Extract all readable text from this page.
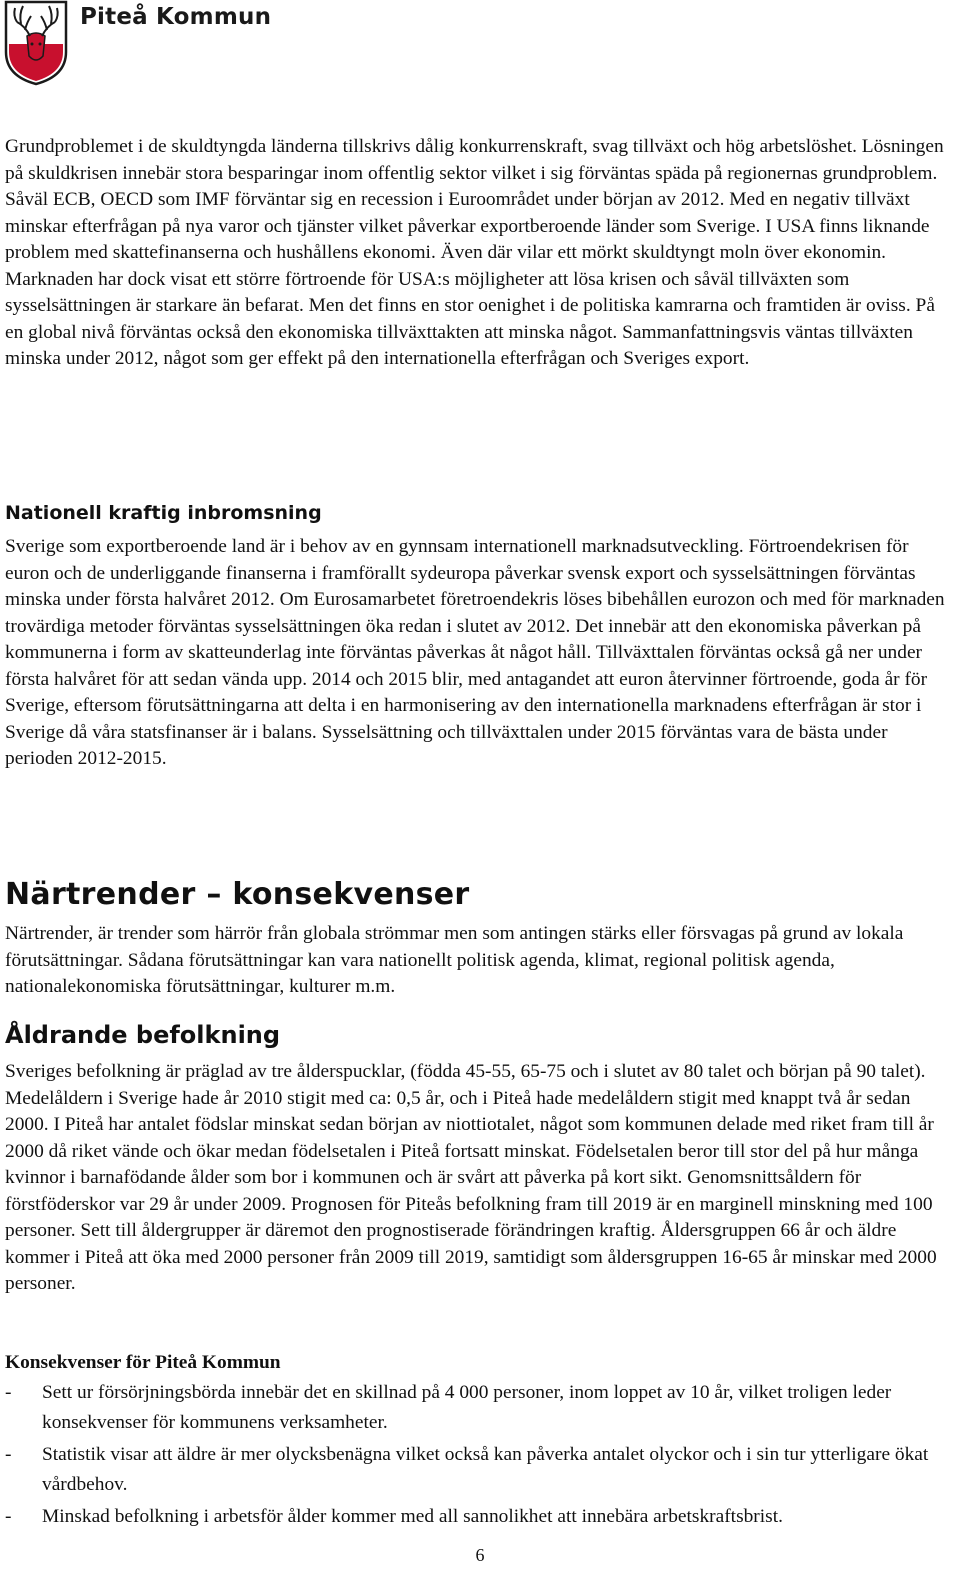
Piteå Kommun

Grundproblemet i de skuldtyngda länderna tillskrivs dålig konkurrenskraft, svag tillväxt och hög arbetslöshet. Lösningen på skuldkrisen innebär stora besparingar inom offentlig sektor vilket i sig förväntas späda på regionernas grundproblem. Såväl ECB, OECD som IMF förväntar sig en recession i Euroområdet under början av 2012. Med en negativ tillväxt minskar efterfrågan på nya varor och tjänster vilket påverkar exportberoende länder som Sverige. I USA finns liknande problem med skattefinanserna och hushållens ekonomi. Även där vilar ett mörkt skuldtyngt moln över ekonomin. Marknaden har dock visat ett större förtroende för USA:s möjligheter att lösa krisen och såväl tillväxten som sysselsättningen är starkare än befarat. Men det finns en stor oenighet i de politiska kamrarna och framtiden är oviss. På en global nivå förväntas också den ekonomiska tillväxttakten att minska något. Sammanfattningsvis väntas tillväxten minska under 2012, något som ger effekt på den internationella efterfrågan och Sveriges export.

Nationell kraftig inbromsning

Sverige som exportberoende land är i behov av en gynnsam internationell marknadsutveckling. Förtroendekrisen för euron och de underliggande finanserna i framförallt sydeuropa påverkar svensk export och sysselsättningen förväntas minska under första halvåret 2012. Om Eurosamarbetet företroendekris löses bibehållen eurozon och med för marknaden trovärdiga metoder förväntas sysselsättningen öka redan i slutet av 2012. Det innebär att den ekonomiska påverkan på kommunerna i form av skatteunderlag inte förväntas påverkas åt något håll. Tillväxttalen förväntas också gå ner under första halvåret för att sedan vända upp. 2014 och 2015 blir, med antagandet att euron återvinner förtroende, goda år för Sverige, eftersom förutsättningarna att delta i en harmonisering av den internationella marknadens efterfrågan är stor i Sverige då våra statsfinanser är i balans. Sysselsättning och tillväxttalen under 2015 förväntas vara de bästa under perioden 2012-2015.

Närtrender – konsekvenser

Närtrender, är trender som härrör från globala strömmar men som antingen stärks eller försvagas på grund av lokala förutsättningar. Sådana förutsättningar kan vara nationellt politisk agenda, klimat, regional politisk agenda, nationalekonomiska förutsättningar, kulturer m.m.

Åldrande befolkning

Sveriges befolkning är präglad av tre ålderspucklar, (födda 45-55, 65-75 och i slutet av 80 talet och början på 90 talet). Medelåldern i Sverige hade år 2010 stigit med ca: 0,5 år, och i Piteå hade medelåldern stigit med knappt två år sedan 2000. I Piteå har antalet födslar minskat sedan början av niottiotalet, något som kommunen delade med riket fram till år 2000 då riket vände och ökar medan födelsetalen i Piteå fortsatt minskat. Födelsetalen beror till stor del på hur många kvinnor i barnafödande ålder som bor i kommunen och är svårt att påverka på kort sikt. Genomsnittsåldern för förstföderskor var 29 år under 2009. Prognosen för Piteås befolkning fram till 2019 är en marginell minskning med 100 personer. Sett till åldergrupper är däremot den prognostiserade förändringen kraftig. Åldersgruppen 66 år och äldre kommer i Piteå att öka med 2000 personer från 2009 till 2019, samtidigt som åldersgruppen 16-65 år minskar med 2000 personer.

Konsekvenser för Piteå Kommun
- Sett ur försörjningsbörda innebär det en skillnad på 4 000 personer, inom loppet av 10 år, vilket troligen leder konsekvenser för kommunens verksamheter.
- Statistik visar att äldre är mer olycksbenägna vilket också kan påverka antalet olyckor och i sin tur ytterligare ökat vårdbehov.
- Minskad befolkning i arbetsför ålder kommer med all sannolikhet att innebära arbetskraftsbrist.
6
